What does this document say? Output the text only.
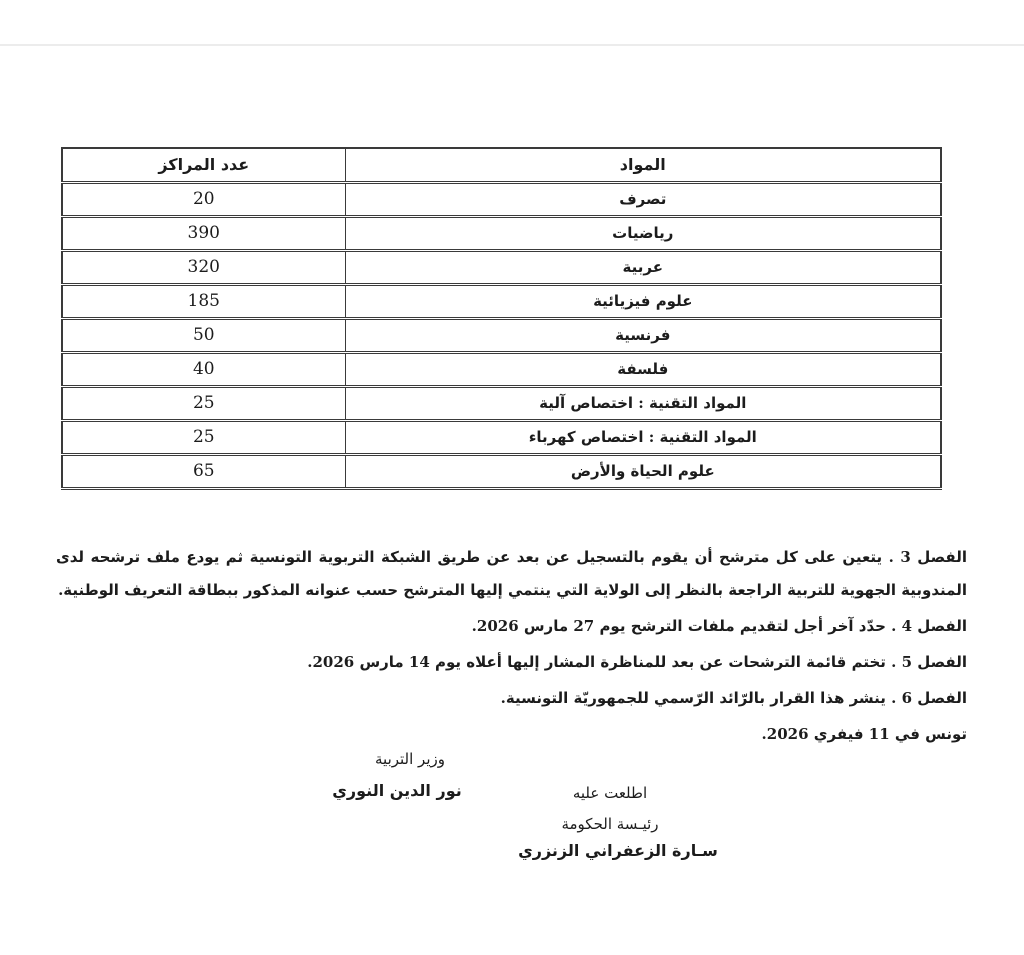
المواد	عدد المراكز
تصرف	20
رياضيات	390
عربية	320
علوم فيزيائية	185
فرنسية	50
فلسفة	40
المواد التقنية : اختصاص آلية	25
المواد التقنية : اختصاص كهرباء	25
علوم الحياة والأرض	65

الفصل 3 . يتعين على كل مترشح أن يقوم بالتسجيل عن بعد عن طريق الشبكة التربوية التونسية ثم يودع ملف ترشحه لدى المندوبية الجهوية للتربية الراجعة بالنظر إلى الولاية التي ينتمي إليها المترشح حسب عنوانه المذكور ببطاقة التعريف الوطنية.

الفصل 4 . حدّد آخر أجل لتقديم ملفات الترشح يوم 27 مارس 2026.

الفصل 5 . تختم قائمة الترشحات عن بعد للمناظرة المشار إليها أعلاه يوم 14 مارس 2026.

الفصل 6 . ينشر هذا القرار بالرّائد الرّسمي للجمهوريّة التونسية.

تونس في 11 فيفري 2026.

وزير التربية
نور الدين النوري	اطلعت عليه
رئيـسة الحكومة
سـارة الزعفراني الزنزري
